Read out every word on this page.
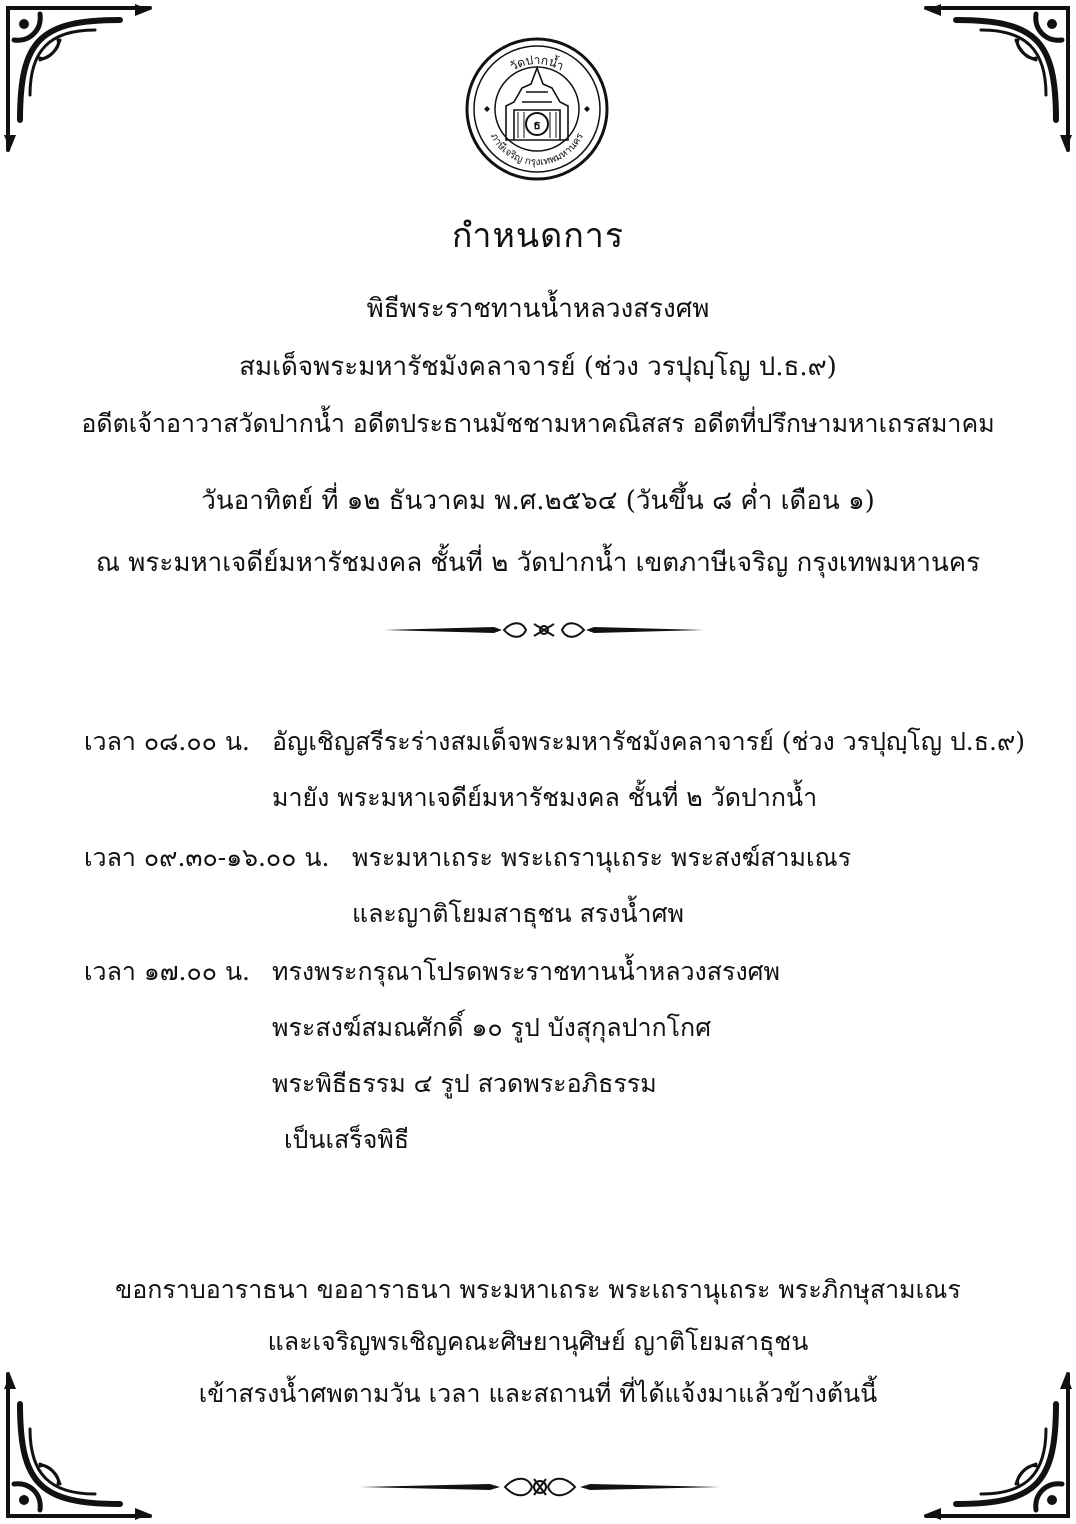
วัดปากน้ำ
ภาษีเจริญ กรุงเทพมหานคร
ธ
กำหนดการ
พิธีพระราชทานน้ำหลวงสรงศพ
สมเด็จพระมหารัชมังคลาจารย์ (ช่วง วรปุญฺโญ ป.ธ.๙)
อดีตเจ้าอาวาสวัดปากน้ำ อดีตประธานมัชชามหาคณิสสร อดีตที่ปรึกษามหาเถรสมาคม
วันอาทิตย์ ที่ ๑๒ ธันวาคม พ.ศ.๒๕๖๔ (วันขึ้น ๘ ค่ำ เดือน ๑)
ณ พระมหาเจดีย์มหารัชมงคล ชั้นที่ ๒ วัดปากน้ำ เขตภาษีเจริญ กรุงเทพมหานคร
เวลา ๐๘.๐๐ น. อัญเชิญสรีระร่างสมเด็จพระมหารัชมังคลาจารย์ (ช่วง วรปุญฺโญ ป.ธ.๙)
มายัง พระมหาเจดีย์มหารัชมงคล ชั้นที่ ๒ วัดปากน้ำ
เวลา ๐๙.๓๐-๑๖.๐๐ น. พระมหาเถระ พระเถรานุเถระ พระสงฆ์สามเณร
และญาติโยมสาธุชน สรงน้ำศพ
เวลา ๑๗.๐๐ น. ทรงพระกรุณาโปรดพระราชทานน้ำหลวงสรงศพ
พระสงฆ์สมณศักดิ์ ๑๐ รูป บังสุกุลปากโกศ
พระพิธีธรรม ๔ รูป สวดพระอภิธรรม
เป็นเสร็จพิธี
ขอกราบอาราธนา ขออาราธนา พระมหาเถระ พระเถรานุเถระ พระภิกษุสามเณร
และเจริญพรเชิญคณะศิษยานุศิษย์ ญาติโยมสาธุชน
เข้าสรงน้ำศพตามวัน เวลา และสถานที่ ที่ได้แจ้งมาแล้วข้างต้นนี้
